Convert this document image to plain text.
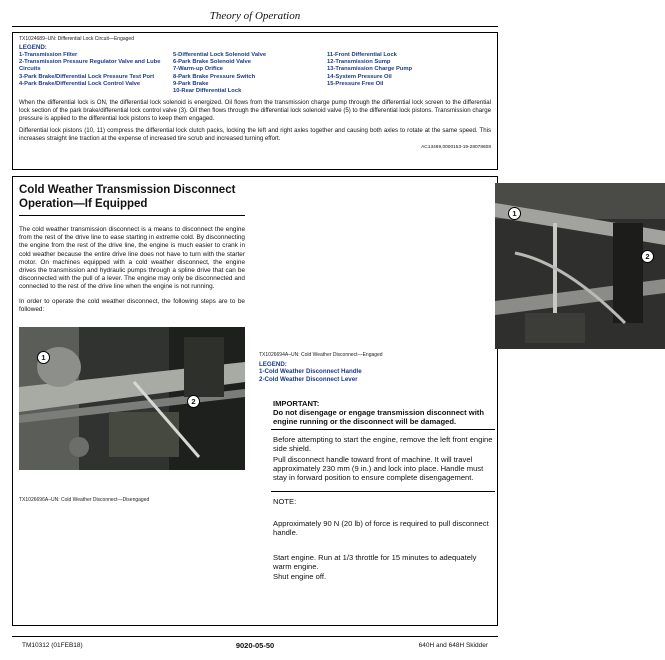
Theory of Operation
TX1024689–UN: Differential Lock Circuit—Engaged
LEGEND:
1-Transmission Filter
2-Transmission Pressure Regulator Valve and Lube Circuits
3-Park Brake/Differential Lock Pressure Test Port
4-Park Brake/Differential Lock Control Valve
5-Differential Lock Solenoid Valve
6-Park Brake Solenoid Valve
7-Warm-up Orifice
8-Park Brake Pressure Switch
9-Park Brake
10-Rear Differential Lock
11-Front Differential Lock
12-Transmission Sump
13-Transmission Charge Pump
14-System Pressure Oil
15-Pressure Free Oil
When the differential lock is ON, the differential lock solenoid is energized. Oil flows from the transmission charge pump through the differential lock screen to the differential lock section of the park brake/differential lock control valve (3). Oil then flows through the differential lock solenoid valve (5) to the differential lock pistons. Transmission charge pressure is applied to the differential lock pistons to keep them engaged.
Differential lock pistons (10, 11) compress the differential lock clutch packs, locking the left and right axles together and causing both axles to rotate at the same speed. This increases straight line traction at the expense of increased tire scrub and increased turning effort.
AC13469,0000153-19-28078608
Cold Weather Transmission Disconnect Operation—If Equipped
The cold weather transmission disconnect is a means to disconnect the engine from the rest of the drive line to ease starting in extreme cold. By disconnecting the engine from the rest of the drive line, the engine is much easier to crank in cold weather because the entire drive line does not have to turn with the starter motor. On machines equipped with a cold weather disconnect, the engine drives the transmission and hydraulic pumps through a spline drive that can be disconnected with the pull of a lever. The engine may only be disconnected and connected to the rest of the drive line when the engine is not running.
In order to operate the cold weather disconnect, the following steps are to be followed:
1
2
TX1026696A–UN: Cold Weather Disconnect—Disengaged
1
2
TX1026694A–UN: Cold Weather Disconnect—Engaged
LEGEND:
1-Cold Weather Disconnect Handle
2-Cold Weather Disconnect Lever
IMPORTANT:
Do not disengage or engage transmission disconnect with engine running or the disconnect will be damaged.
Before attempting to start the engine, remove the left front engine side shield.
Pull disconnect handle toward front of machine. It will travel approximately 230 mm (9 in.) and lock into place. Handle must stay in forward position to ensure complete disengagement.
NOTE:
Approximately 90 N (20 lb) of force is required to pull disconnect handle.
Start engine. Run at 1/3 throttle for 15 minutes to adequately warm engine.
Shut engine off.
TM10312 (01FEB18)	9020-05-50	640H and 648H Skidder
